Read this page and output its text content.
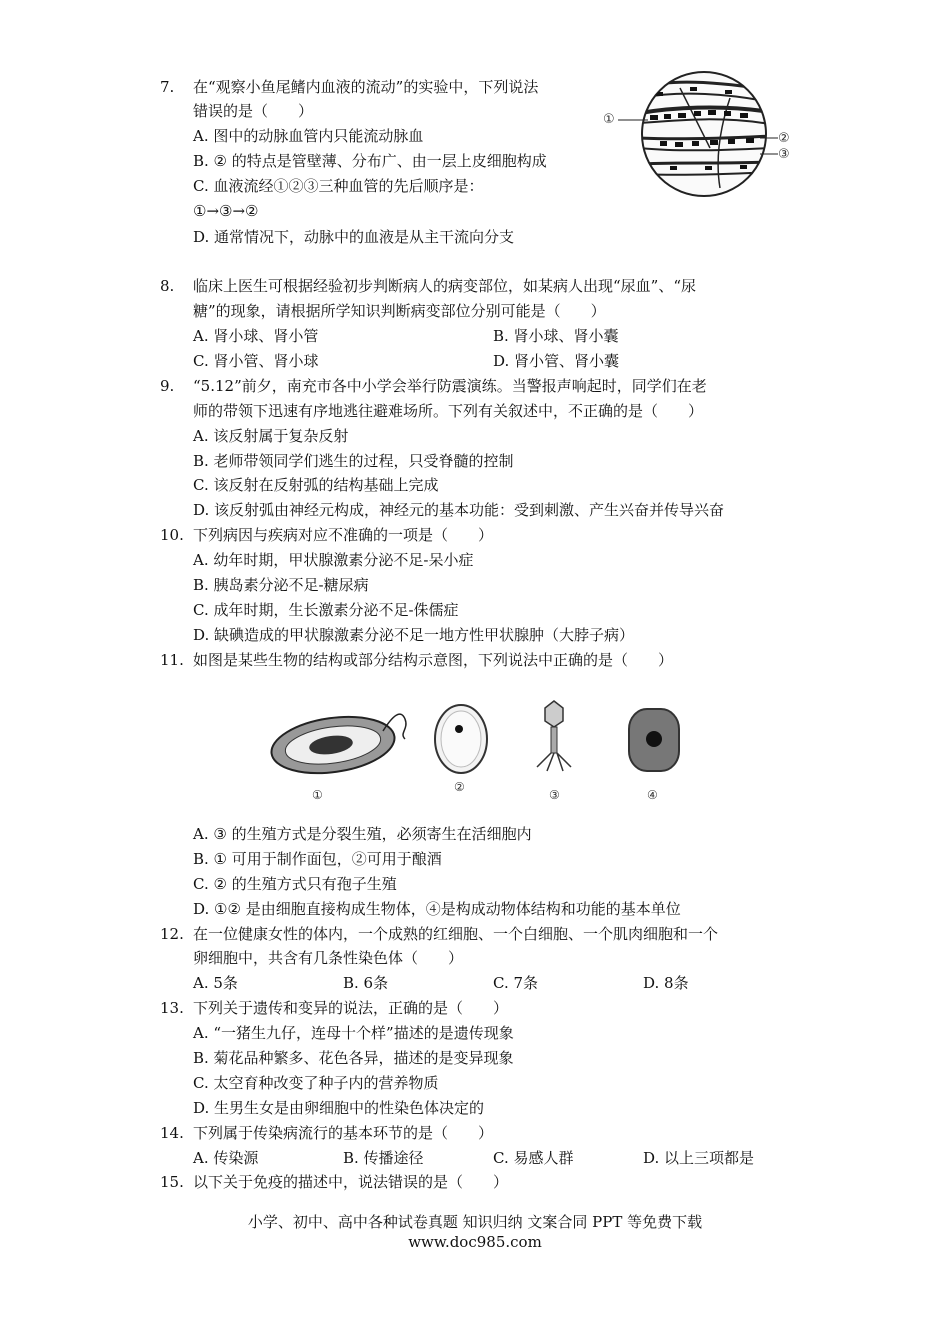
7. 在“观察小鱼尾鳍内血液的流动”的实验中，下列说法
错误的是（　　）
A. 图中的动脉血管内只能流动脉血
B. ② 的特点是管壁薄、分布广、由一层上皮细胞构成
C. 血液流经①②③三种血管的先后顺序是：
①→③→②
D. 通常情况下，动脉中的血液是从主干流向分支
①
②
③
8. 临床上医生可根据经验初步判断病人的病变部位，如某病人出现“尿血”、“尿
糖”的现象，请根据所学知识判断病变部位分别可能是（　　）
A. 肾小球、肾小管	B. 肾小球、肾小囊
C. 肾小管、肾小球	D. 肾小管、肾小囊
9. “5.12”前夕，南充市各中小学会举行防震演练。当警报声响起时，同学们在老
师的带领下迅速有序地逃往避难场所。下列有关叙述中，不正确的是（　　）
A. 该反射属于复杂反射
B. 老师带领同学们逃生的过程，只受脊髓的控制
C. 该反射在反射弧的结构基础上完成
D. 该反射弧由神经元构成，神经元的基本功能：受到刺激、产生兴奋并传导兴奋
10. 下列病因与疾病对应不准确的一项是（　　）
A. 幼年时期，甲状腺激素分泌不足-呆小症
B. 胰岛素分泌不足-糖尿病
C. 成年时期，生长激素分泌不足-侏儒症
D. 缺碘造成的甲状腺激素分泌不足一地方性甲状腺肿（大脖子病）
11. 如图是某些生物的结构或部分结构示意图，下列说法中正确的是（　　）
①
②
③	④
A. ③ 的生殖方式是分裂生殖，必须寄生在活细胞内
B. ① 可用于制作面包，②可用于酿酒
C. ② 的生殖方式只有孢子生殖
D. ①② 是由细胞直接构成生物体，④是构成动物体结构和功能的基本单位
12. 在一位健康女性的体内，一个成熟的红细胞、一个白细胞、一个肌肉细胞和一个
卵细胞中，共含有几条性染色体（　　）
A. 5条	B. 6条	C. 7条	D. 8条
13. 下列关于遗传和变异的说法，正确的是（　　）
A. “一猪生九仔，连母十个样”描述的是遗传现象
B. 菊花品种繁多、花色各异，描述的是变异现象
C. 太空育种改变了种子内的营养物质
D. 生男生女是由卵细胞中的性染色体决定的
14. 下列属于传染病流行的基本环节的是（　　）
A. 传染源	B. 传播途径	C. 易感人群	D. 以上三项都是
15. 以下关于免疫的描述中，说法错误的是（　　）
小学、初中、高中各种试卷真题 知识归纳 文案合同 PPT 等免费下载
www.doc985.com
